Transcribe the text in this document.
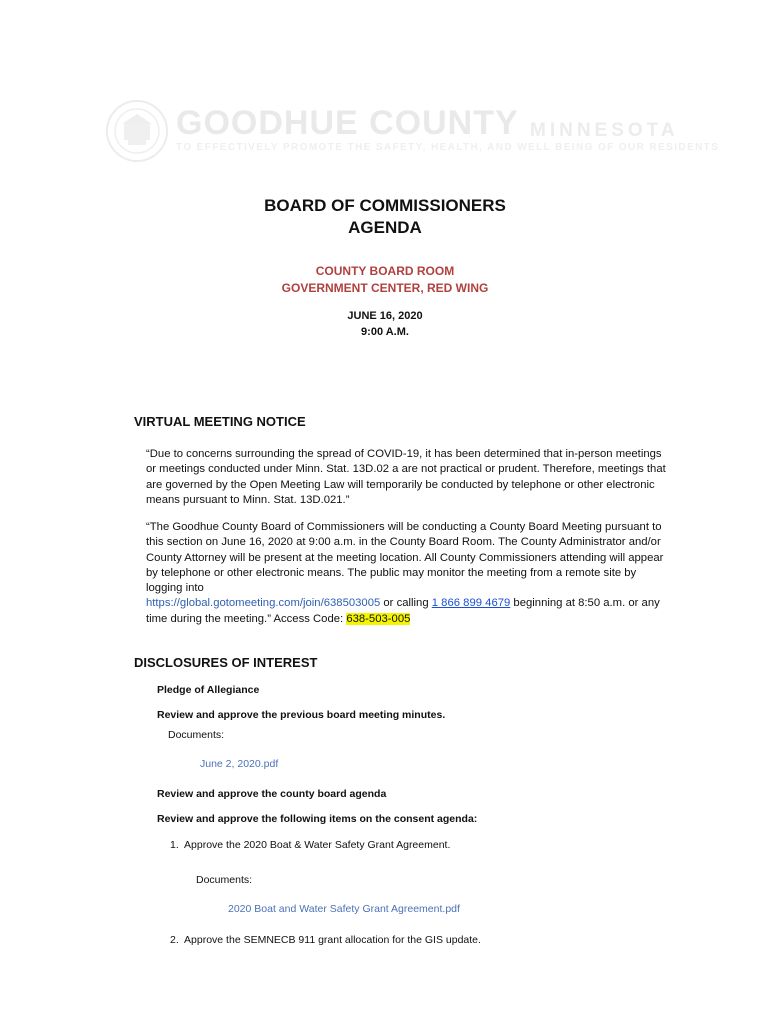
GOODHUE COUNTY MINNESOTA
TO EFFECTIVELY PROMOTE THE SAFETY, HEALTH, AND WELL BEING OF OUR RESIDENTS
BOARD OF COMMISSIONERS
AGENDA
COUNTY BOARD ROOM
GOVERNMENT CENTER, RED WING
JUNE 16, 2020
9:00 A.M.
VIRTUAL MEETING NOTICE

“Due to concerns surrounding the spread of COVID-19, it has been determined that in-person meetings or meetings conducted under Minn. Stat. 13D.02 a are not practical or prudent. Therefore, meetings that are governed by the Open Meeting Law will temporarily be conducted by telephone or other electronic means pursuant to Minn. Stat. 13D.021.”

“The Goodhue County Board of Commissioners will be conducting a County Board Meeting pursuant to this section on June 16, 2020 at 9:00 a.m. in the County Board Room. The County Administrator and/or County Attorney will be present at the meeting location. All County Commissioners attending will appear by telephone or other electronic means. The public may monitor the meeting from a remote site by logging into
https://global.gotomeeting.com/join/638503005 or calling 1 866 899 4679 beginning at 8:50 a.m. or any time during the meeting.” Access Code: 638-503-005

DISCLOSURES OF INTEREST
Pledge of Allegiance
Review and approve the previous board meeting minutes.
Documents:
June 2, 2020.pdf
Review and approve the county board agenda
Review and approve the following items on the consent agenda:
1. Approve the 2020 Boat & Water Safety Grant Agreement.
Documents:
2020 Boat and Water Safety Grant Agreement.pdf
2. Approve the SEMNECB 911 grant allocation for the GIS update.
